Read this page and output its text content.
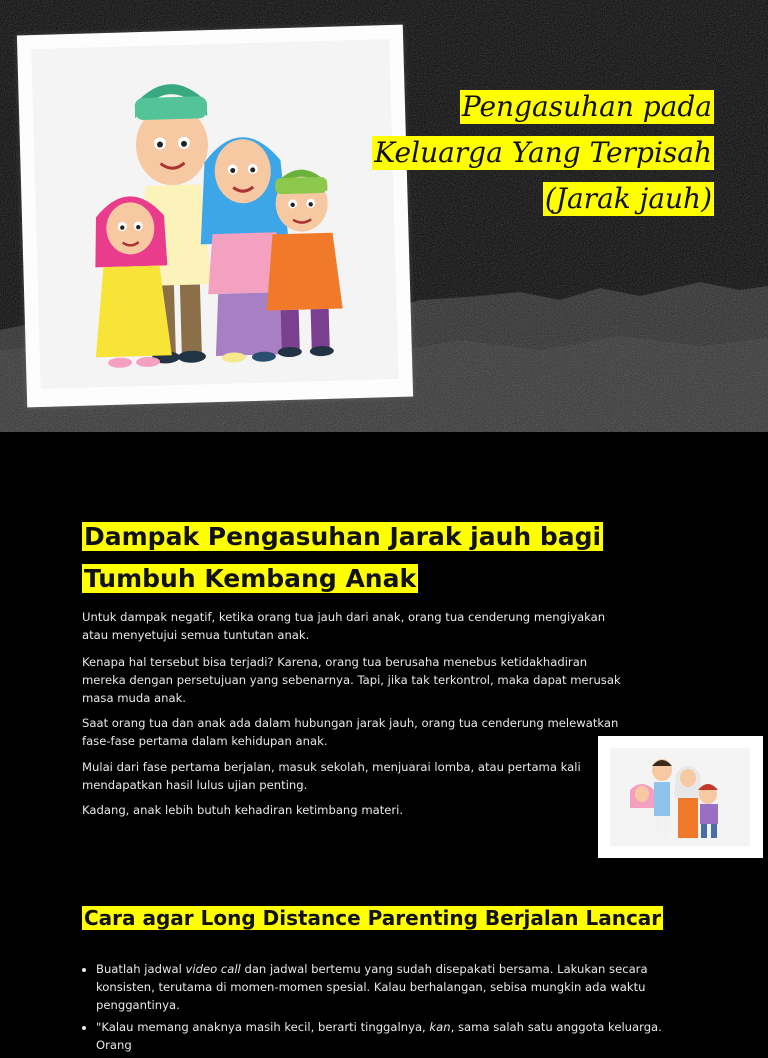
Pengasuhan pada
Keluarga Yang Terpisah
(Jarak jauh)
Dampak Pengasuhan Jarak jauh bagi
Tumbuh Kembang Anak
Untuk dampak negatif, ketika orang tua jauh dari anak, orang tua cenderung mengiyakan atau menyetujui semua tuntutan anak.
Kenapa hal tersebut bisa terjadi? Karena, orang tua berusaha menebus ketidakhadiran mereka dengan persetujuan yang sebenarnya. Tapi, jika tak terkontrol, maka dapat merusak masa muda anak.
Saat orang tua dan anak ada dalam hubungan jarak jauh, orang tua cenderung melewatkan fase-fase pertama dalam kehidupan anak.
Mulai dari fase pertama berjalan, masuk sekolah, menjuarai lomba, atau pertama kali mendapatkan hasil lulus ujian penting.
Kadang, anak lebih butuh kehadiran ketimbang materi.
Cara agar Long Distance Parenting Berjalan Lancar
• Buatlah jadwal video call dan jadwal bertemu yang sudah disepakati bersama. Lakukan secara konsisten, terutama di momen-momen spesial. Kalau berhalangan, sebisa mungkin ada waktu penggantinya.
• "Kalau memang anaknya masih kecil, berarti tinggalnya, kan, sama salah satu anggota keluarga. Orang
